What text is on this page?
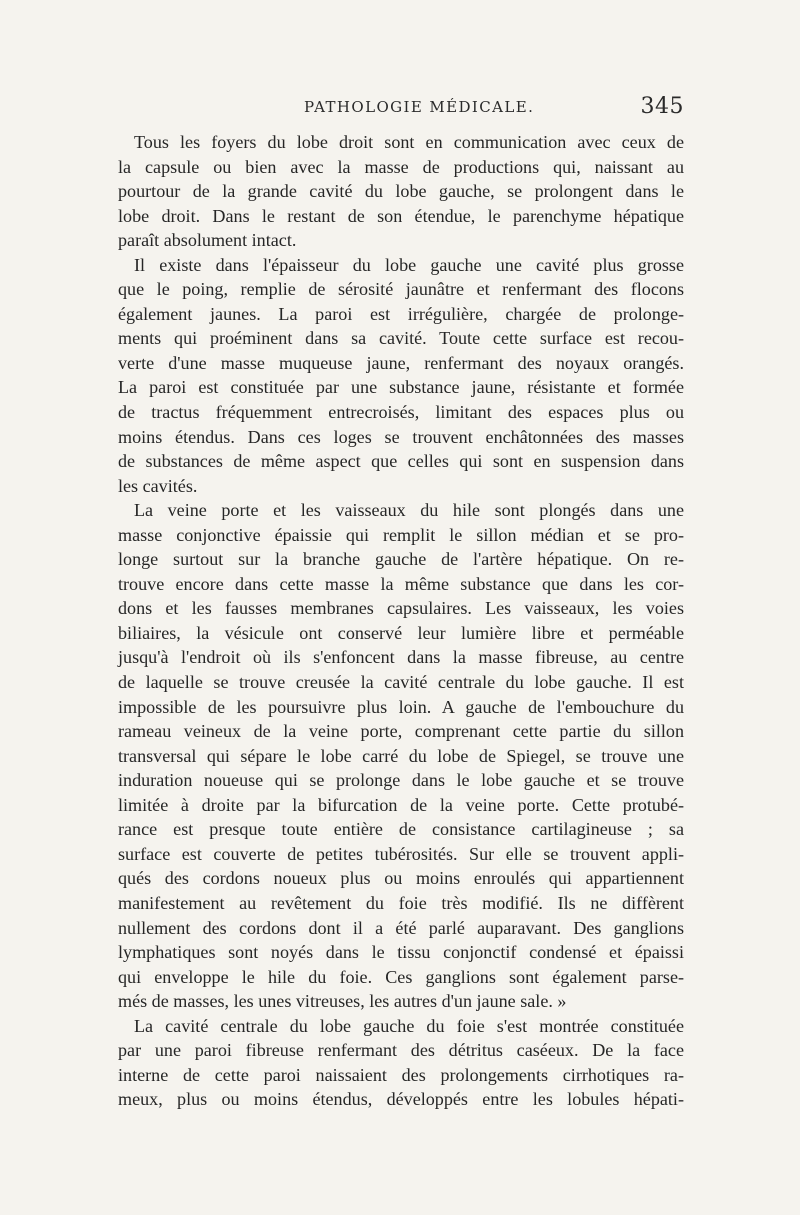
PATHOLOGIE MÉDICALE.	345

Tous les foyers du lobe droit sont en communication avec ceux de
la capsule ou bien avec la masse de productions qui, naissant au
pourtour de la grande cavité du lobe gauche, se prolongent dans le
lobe droit. Dans le restant de son étendue, le parenchyme hépatique
paraît absolument intact.

Il existe dans l'épaisseur du lobe gauche une cavité plus grosse
que le poing, remplie de sérosité jaunâtre et renfermant des flocons
également jaunes. La paroi est irrégulière, chargée de prolonge-
ments qui proéminent dans sa cavité. Toute cette surface est recou-
verte d'une masse muqueuse jaune, renfermant des noyaux orangés.
La paroi est constituée par une substance jaune, résistante et formée
de tractus fréquemment entrecroisés, limitant des espaces plus ou
moins étendus. Dans ces loges se trouvent enchâtonnées des masses
de substances de même aspect que celles qui sont en suspension dans
les cavités.

La veine porte et les vaisseaux du hile sont plongés dans une
masse conjonctive épaissie qui remplit le sillon médian et se pro-
longe surtout sur la branche gauche de l'artère hépatique. On re-
trouve encore dans cette masse la même substance que dans les cor-
dons et les fausses membranes capsulaires. Les vaisseaux, les voies
biliaires, la vésicule ont conservé leur lumière libre et perméable
jusqu'à l'endroit où ils s'enfoncent dans la masse fibreuse, au centre
de laquelle se trouve creusée la cavité centrale du lobe gauche. Il est
impossible de les poursuivre plus loin. A gauche de l'embouchure du
rameau veineux de la veine porte, comprenant cette partie du sillon
transversal qui sépare le lobe carré du lobe de Spiegel, se trouve une
induration noueuse qui se prolonge dans le lobe gauche et se trouve
limitée à droite par la bifurcation de la veine porte. Cette protubé-
rance est presque toute entière de consistance cartilagineuse ; sa
surface est couverte de petites tubérosités. Sur elle se trouvent appli-
qués des cordons noueux plus ou moins enroulés qui appartiennent
manifestement au revêtement du foie très modifié. Ils ne diffèrent
nullement des cordons dont il a été parlé auparavant. Des ganglions
lymphatiques sont noyés dans le tissu conjonctif condensé et épaissi
qui enveloppe le hile du foie. Ces ganglions sont également parse-
més de masses, les unes vitreuses, les autres d'un jaune sale. »

La cavité centrale du lobe gauche du foie s'est montrée constituée
par une paroi fibreuse renfermant des détritus caséeux. De la face
interne de cette paroi naissaient des prolongements cirrhotiques ra-
meux, plus ou moins étendus, développés entre les lobules hépati-
